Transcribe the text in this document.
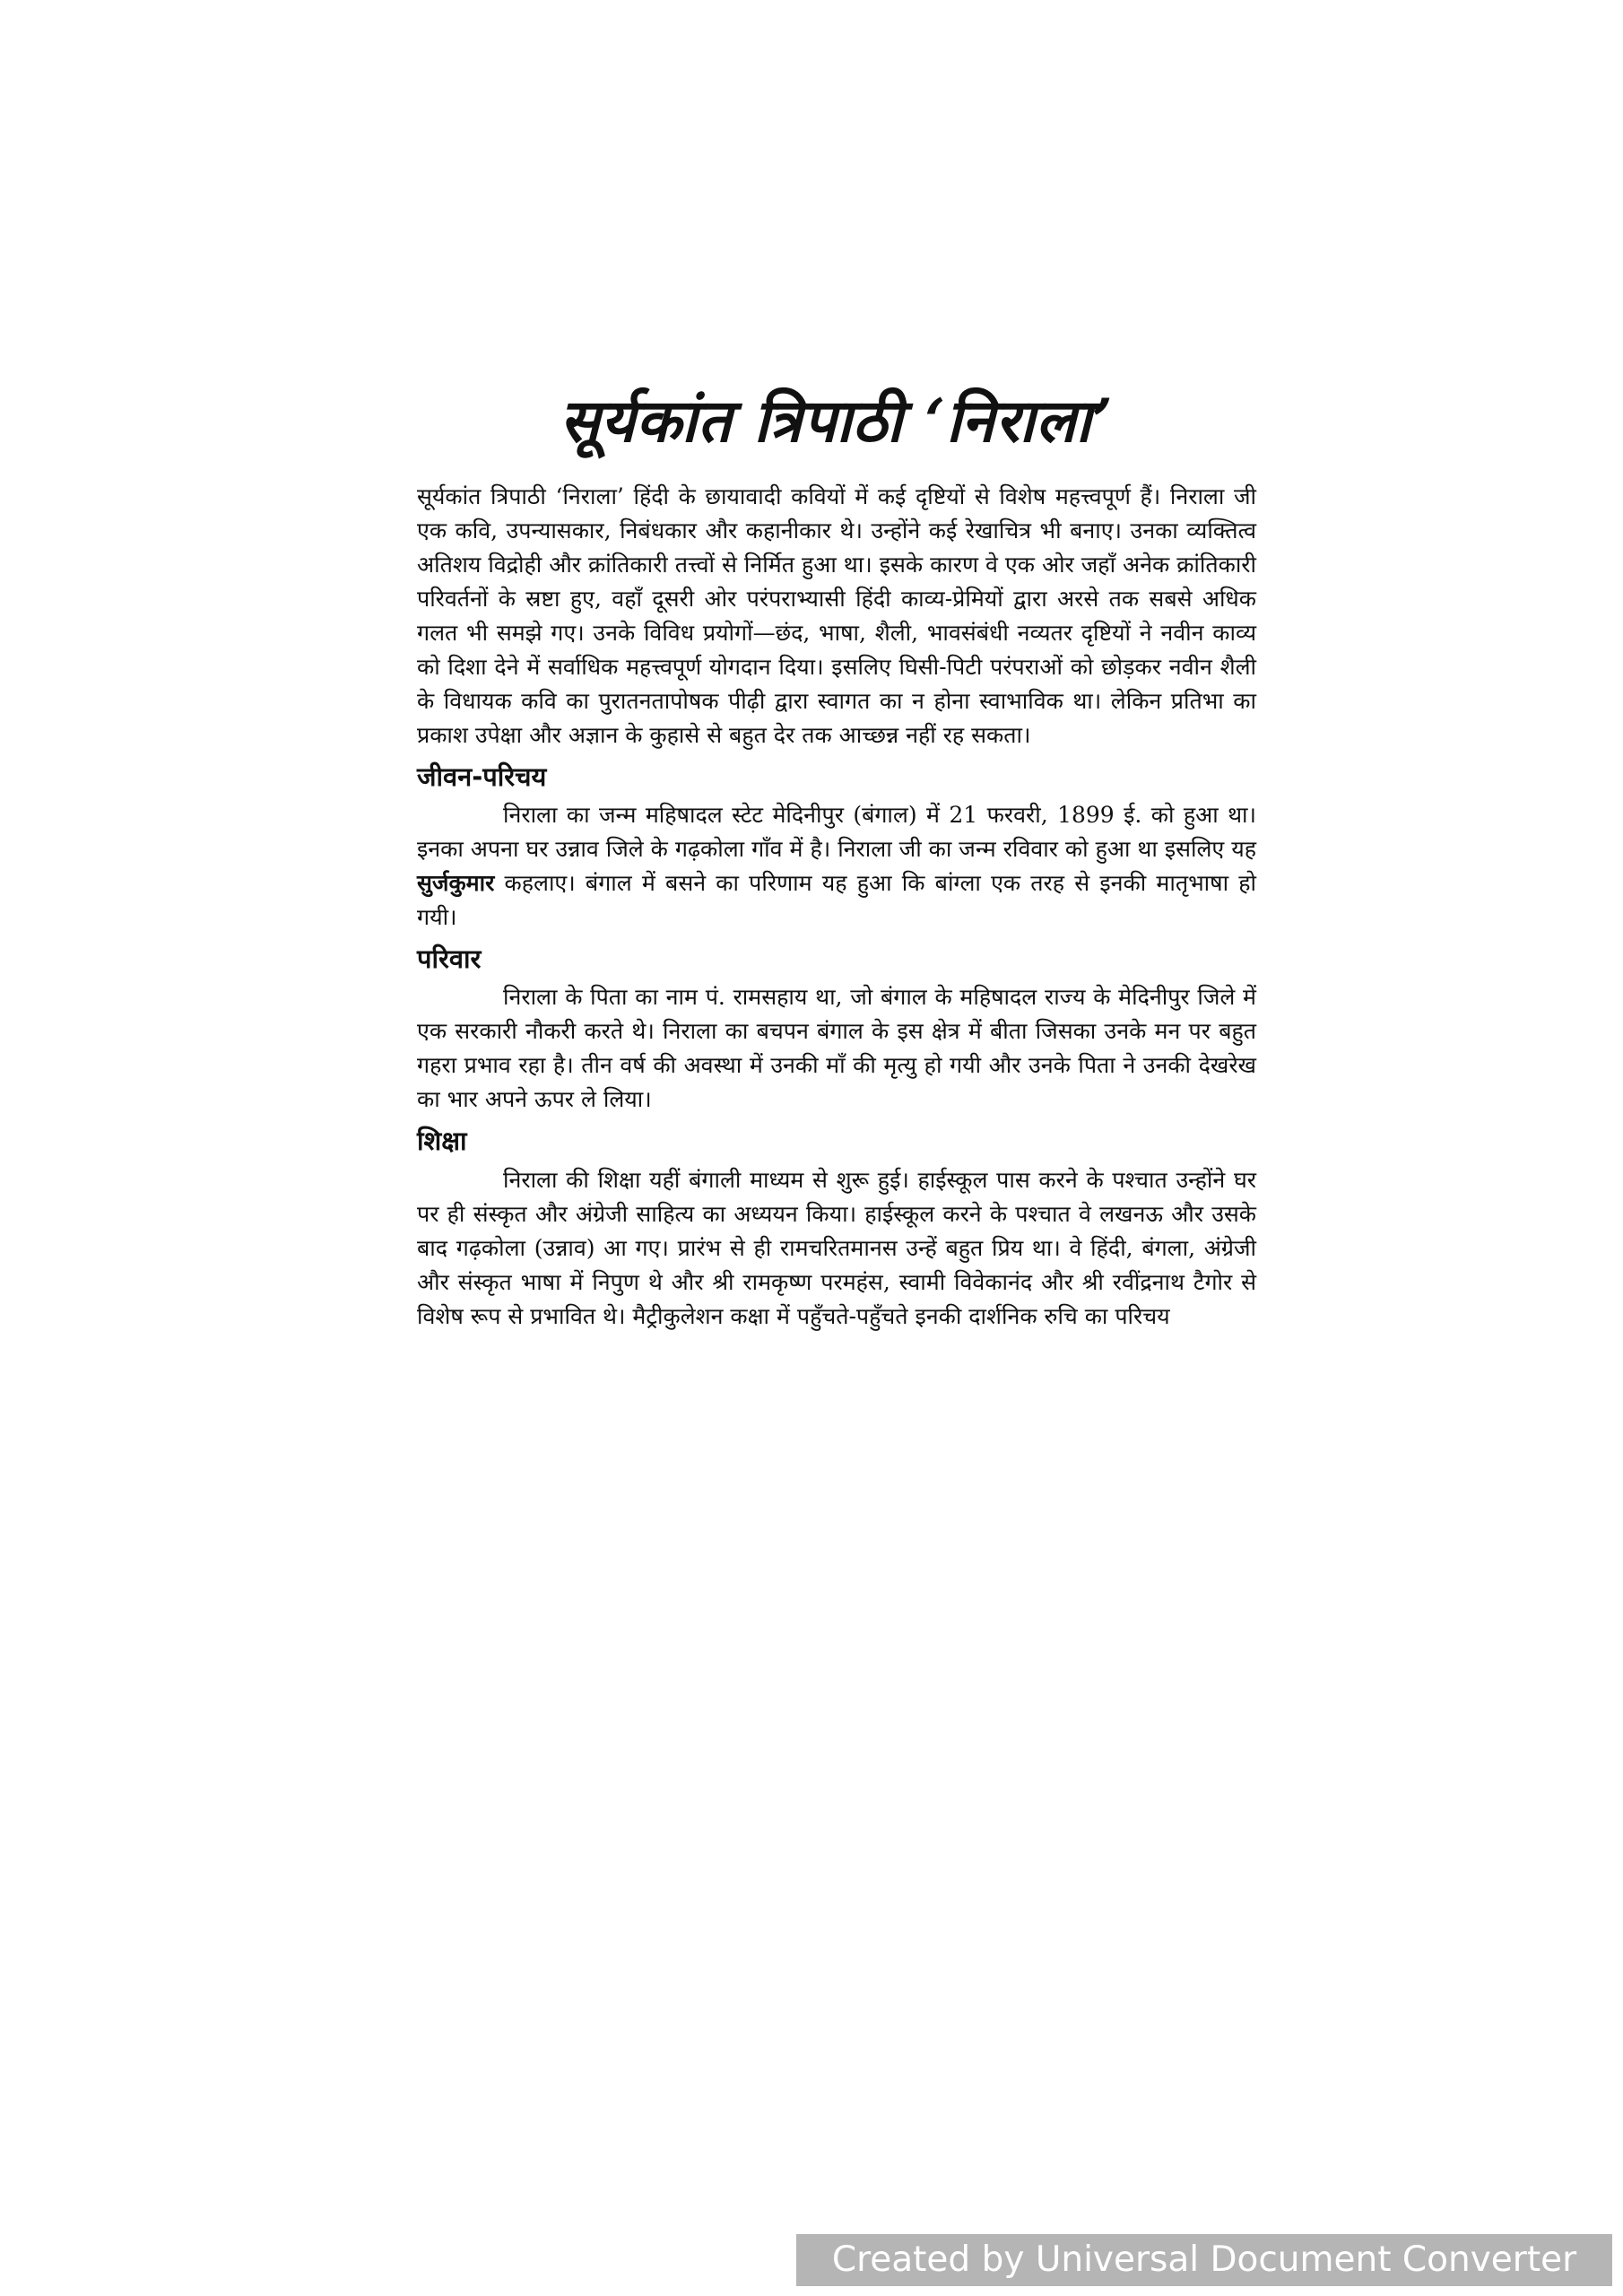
सूर्यकांत त्रिपाठी ‘निराला’

सूर्यकांत त्रिपाठी ‘निराला’ हिंदी के छायावादी कवियों में कई दृष्टियों से विशेष महत्त्वपूर्ण हैं। निराला जी एक कवि, उपन्यासकार, निबंधकार और कहानीकार थे। उन्होंने कई रेखाचित्र भी बनाए। उनका व्यक्तित्व अतिशय विद्रोही और क्रांतिकारी तत्त्वों से निर्मित हुआ था। इसके कारण वे एक ओर जहाँ अनेक क्रांतिकारी परिवर्तनों के स्रष्टा हुए, वहाँ दूसरी ओर परंपराभ्यासी हिंदी काव्य-प्रेमियों द्वारा अरसे तक सबसे अधिक गलत भी समझे गए। उनके विविध प्रयोगों—छंद, भाषा, शैली, भावसंबंधी नव्यतर दृष्टियों ने नवीन काव्य को दिशा देने में सर्वाधिक महत्त्वपूर्ण योगदान दिया। इसलिए घिसी-पिटी परंपराओं को छोड़कर नवीन शैली के विधायक कवि का पुरातनतापोषक पीढ़ी द्वारा स्वागत का न होना स्वाभाविक था। लेकिन प्रतिभा का प्रकाश उपेक्षा और अज्ञान के कुहासे से बहुत देर तक आच्छन्न नहीं रह सकता।

जीवन-परिचय

निराला का जन्म महिषादल स्टेट मेदिनीपुर (बंगाल) में 21 फरवरी, 1899 ई. को हुआ था। इनका अपना घर उन्नाव जिले के गढ़कोला गाँव में है। निराला जी का जन्म रविवार को हुआ था इसलिए यह सुर्जकुमार कहलाए। बंगाल में बसने का परिणाम यह हुआ कि बांग्ला एक तरह से इनकी मातृभाषा हो गयी।

परिवार

निराला के पिता का नाम पं. रामसहाय था, जो बंगाल के महिषादल राज्य के मेदिनीपुर जिले में एक सरकारी नौकरी करते थे। निराला का बचपन बंगाल के इस क्षेत्र में बीता जिसका उनके मन पर बहुत गहरा प्रभाव रहा है। तीन वर्ष की अवस्था में उनकी माँ की मृत्यु हो गयी और उनके पिता ने उनकी देखरेख का भार अपने ऊपर ले लिया।

शिक्षा

निराला की शिक्षा यहीं बंगाली माध्यम से शुरू हुई। हाईस्कूल पास करने के पश्चात उन्होंने घर पर ही संस्कृत और अंग्रेजी साहित्य का अध्ययन किया। हाईस्कूल करने के पश्चात वे लखनऊ और उसके बाद गढ़कोला (उन्नाव) आ गए। प्रारंभ से ही रामचरितमानस उन्हें बहुत प्रिय था। वे हिंदी, बंगला, अंग्रेजी और संस्कृत भाषा में निपुण थे और श्री रामकृष्ण परमहंस, स्वामी विवेकानंद और श्री रवींद्रनाथ टैगोर से विशेष रूप से प्रभावित थे। मैट्रीकुलेशन कक्षा में पहुँचते-पहुँचते इनकी दार्शनिक रुचि का परिचय

Created by Universal Document Converter
